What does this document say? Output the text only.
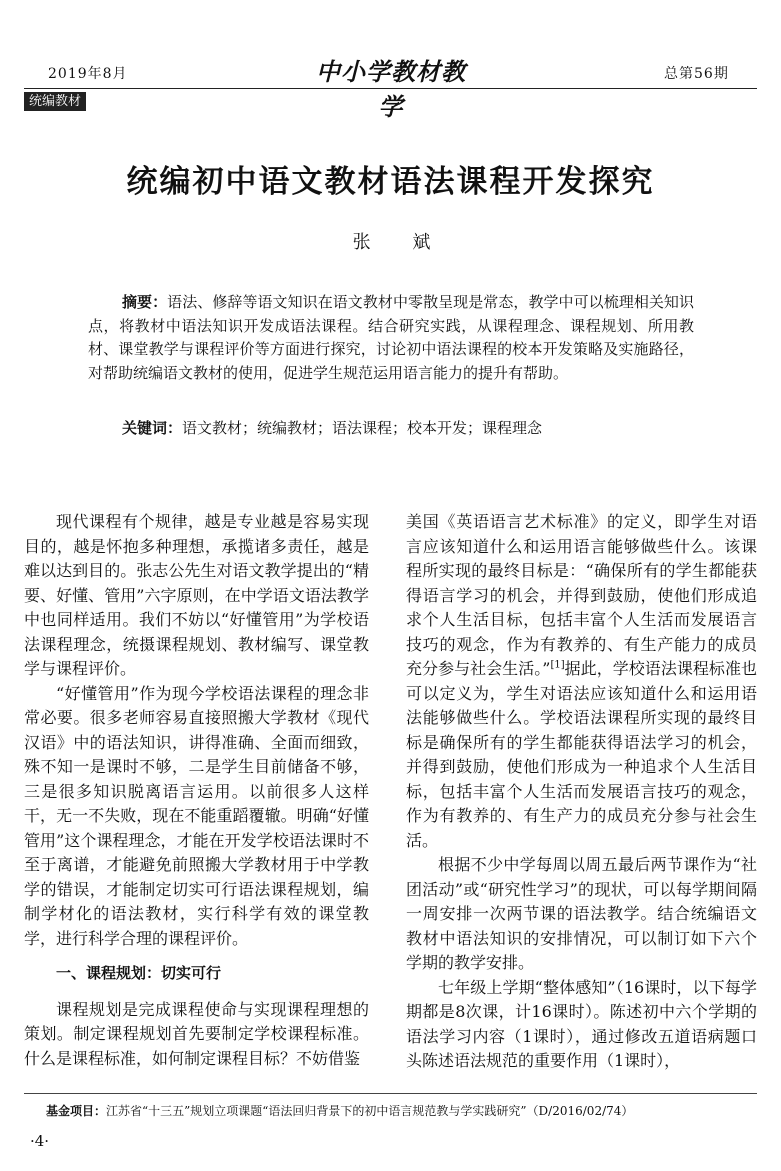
2019年8月	中小学教材教学
总第56期
统编教材
统编初中语文教材语法课程开发探究
张 斌
摘要：语法、修辞等语文知识在语文教材中零散呈现是常态，教学中可以梳理相关知识点，将教材中语法知识开发成语法课程。结合研究实践，从课程理念、课程规划、所用教材、课堂教学与课程评价等方面进行探究，讨论初中语法课程的校本开发策略及实施路径，对帮助统编语文教材的使用，促进学生规范运用语言能力的提升有帮助。
关键词：语文教材；统编教材；语法课程；校本开发；课程理念

现代课程有个规律，越是专业越是容易实现目的，越是怀抱多种理想，承揽诸多责任，越是难以达到目的。张志公先生对语文教学提出的“精要、好懂、管用”六字原则，在中学语文语法教学中也同样适用。我们不妨以“好懂管用”为学校语法课程理念，统摄课程规划、教材编写、课堂教学与课程评价。

“好懂管用”作为现今学校语法课程的理念非常必要。很多老师容易直接照搬大学教材《现代汉语》中的语法知识，讲得准确、全面而细致，殊不知一是课时不够，二是学生目前储备不够，三是很多知识脱离语言运用。以前很多人这样干，无一不失败，现在不能重蹈覆辙。明确“好懂管用”这个课程理念，才能在开发学校语法课时不至于离谱，才能避免前照搬大学教材用于中学教学的错误，才能制定切实可行语法课程规划，编制学材化的语法教材，实行科学有效的课堂教学，进行科学合理的课程评价。

一、课程规划：切实可行

课程规划是完成课程使命与实现课程理想的策划。制定课程规划首先要制定学校课程标准。什么是课程标准，如何制定课程目标？不妨借鉴

美国《英语语言艺术标准》的定义，即学生对语言应该知道什么和运用语言能够做些什么。该课程所实现的最终目标是：“确保所有的学生都能获得语言学习的机会，并得到鼓励，使他们形成追求个人生活目标，包括丰富个人生活而发展语言技巧的观念，作为有教养的、有生产能力的成员充分参与社会生活。”[1]据此，学校语法课程标准也可以定义为，学生对语法应该知道什么和运用语法能够做些什么。学校语法课程所实现的最终目标是确保所有的学生都能获得语法学习的机会，并得到鼓励，使他们形成为一种追求个人生活目标，包括丰富个人生活而发展语言技巧的观念，作为有教养的、有生产力的成员充分参与社会生活。

根据不少中学每周以周五最后两节课作为“社团活动”或“研究性学习”的现状，可以每学期间隔一周安排一次两节课的语法教学。结合统编语文教材中语法知识的安排情况，可以制订如下六个学期的教学安排。

七年级上学期“整体感知”（16课时，以下每学期都是8次课，计16课时）。陈述初中六个学期的语法学习内容（1课时），通过修改五道语病题口头陈述语法规范的重要作用（1课时），

基金项目：江苏省“十三五”规划立项课题“语法回归背景下的初中语言规范教与学实践研究”（D/2016/02/74）
·4·
